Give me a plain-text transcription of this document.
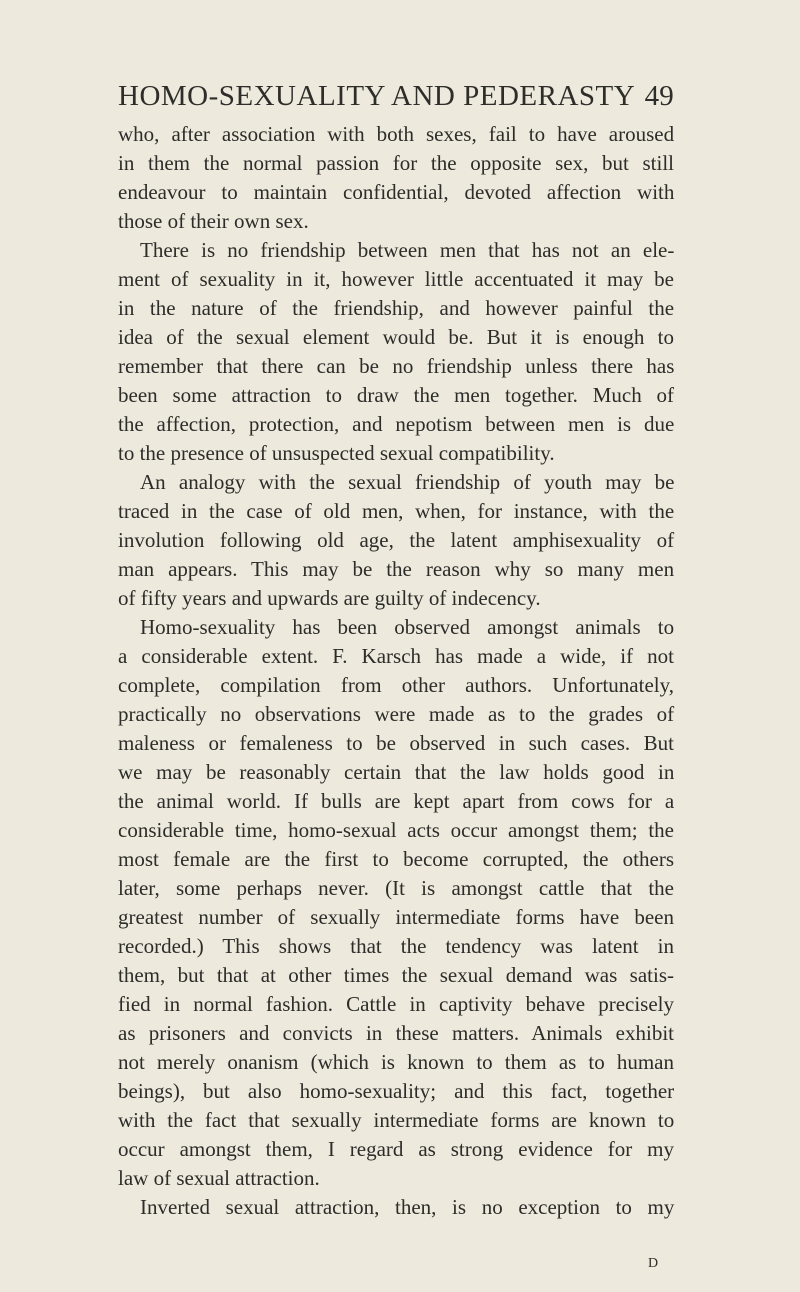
HOMO-SEXUALITY AND PEDERASTY 49
who, after association with both sexes, fail to have aroused
in them the normal passion for the opposite sex, but still
endeavour to maintain confidential, devoted affection with
those of their own sex.
There is no friendship between men that has not an ele-
ment of sexuality in it, however little accentuated it may be
in the nature of the friendship, and however painful the
idea of the sexual element would be. But it is enough to
remember that there can be no friendship unless there has
been some attraction to draw the men together. Much of
the affection, protection, and nepotism between men is due
to the presence of unsuspected sexual compatibility.
An analogy with the sexual friendship of youth may be
traced in the case of old men, when, for instance, with the
involution following old age, the latent amphisexuality of
man appears. This may be the reason why so many men
of fifty years and upwards are guilty of indecency.
Homo-sexuality has been observed amongst animals to
a considerable extent. F. Karsch has made a wide, if not
complete, compilation from other authors. Unfortunately,
practically no observations were made as to the grades of
maleness or femaleness to be observed in such cases. But
we may be reasonably certain that the law holds good in
the animal world. If bulls are kept apart from cows for a
considerable time, homo-sexual acts occur amongst them; the
most female are the first to become corrupted, the others
later, some perhaps never. (It is amongst cattle that the
greatest number of sexually intermediate forms have been
recorded.) This shows that the tendency was latent in
them, but that at other times the sexual demand was satis-
fied in normal fashion. Cattle in captivity behave precisely
as prisoners and convicts in these matters. Animals exhibit
not merely onanism (which is known to them as to human
beings), but also homo-sexuality; and this fact, together
with the fact that sexually intermediate forms are known to
occur amongst them, I regard as strong evidence for my
law of sexual attraction.
Inverted sexual attraction, then, is no exception to my
D
